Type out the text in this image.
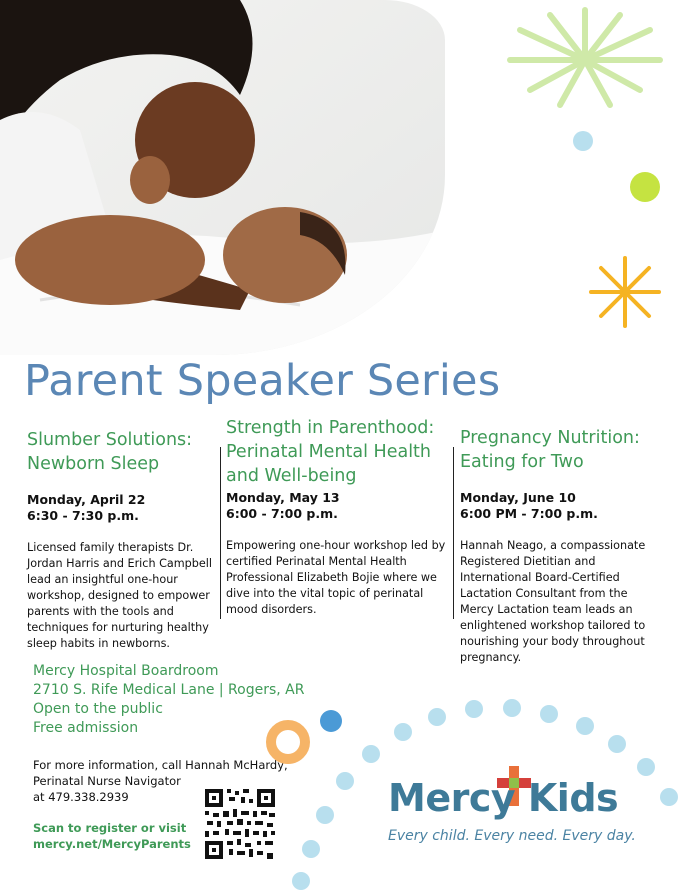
Parent Speaker Series
Slumber Solutions:
Newborn Sleep
Monday, April 22
6:30 - 7:30 p.m.
Licensed family therapists Dr. Jordan Harris and Erich Campbell lead an insightful one-hour workshop, designed to empower parents with the tools and techniques for nurturing healthy sleep habits in newborns.
Strength in Parenthood:
Perinatal Mental Health
and Well-being
Monday, May 13
6:00 - 7:00 p.m.
Empowering one-hour workshop led by certified Perinatal Mental Health Professional Elizabeth Bojie where we dive into the vital topic of perinatal mood disorders.
Pregnancy Nutrition:
Eating for Two
Monday, June 10
6:00 PM - 7:00 p.m.
Hannah Neago, a compassionate Registered Dietitian and International Board-Certified Lactation Consultant from the Mercy Lactation team leads an enlightened workshop tailored to nourishing your body throughout pregnancy.
Mercy Hospital Boardroom
2710 S. Rife Medical Lane | Rogers, AR
Open to the public
Free admission
For more information, call Hannah McHardy,
Perinatal Nurse Navigator
at 479.338.2939
Scan to register or visit
mercy.net/MercyParents
Mercy Kids
Every child. Every need. Every day.
